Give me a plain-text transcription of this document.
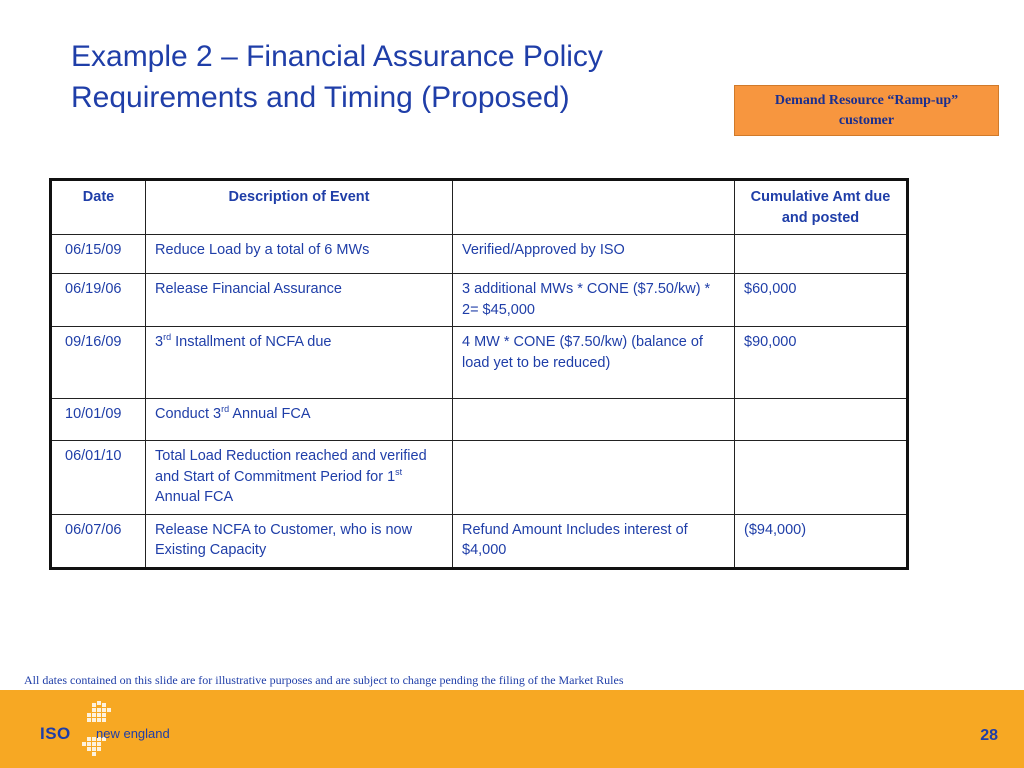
Example 2 – Financial Assurance Policy
Requirements and Timing (Proposed)	Demand Resource “Ramp-up”
customer
Date	Description of Event		Cumulative Amt due and posted
06/15/09	Reduce Load by a total of 6 MWs	Verified/Approved by ISO	
06/19/06	Release Financial Assurance	3 additional MWs * CONE ($7.50/kw) * 2= $45,000	$60,000
09/16/09	3rd Installment of NCFA due	4 MW * CONE ($7.50/kw) (balance of load yet to be reduced)	$90,000
10/01/09	Conduct 3rd Annual FCA		
06/01/10	Total Load Reduction reached and verified and Start of Commitment Period for 1st Annual FCA		
06/07/06	Release NCFA to Customer, who is now Existing Capacity	Refund Amount Includes interest of $4,000	($94,000)
All dates contained on this slide are for illustrative purposes and are subject to change pending the filing of the Market Rules
ISO new england	28
